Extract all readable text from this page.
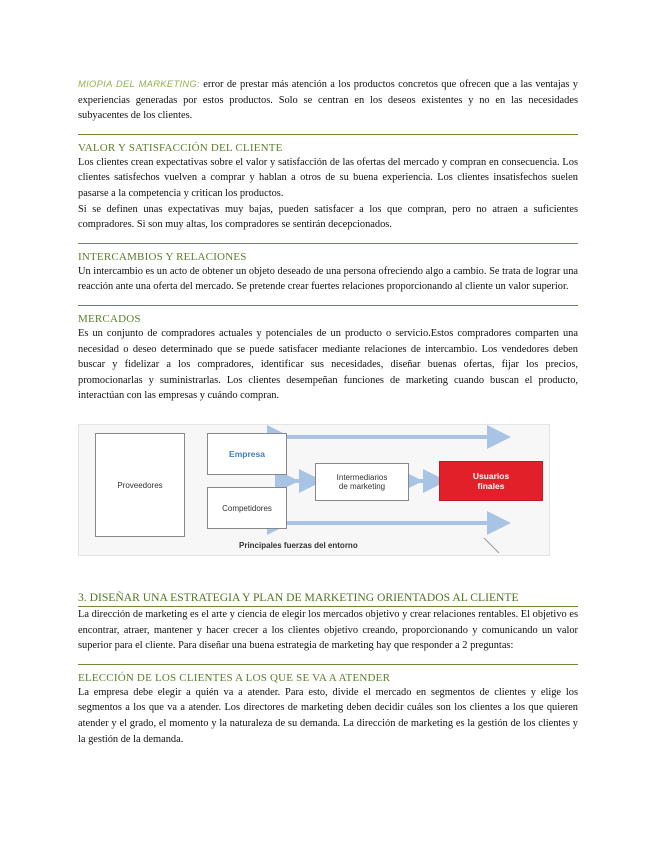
MIOPIA DEL MARKETING: error de prestar más atención a los productos concretos que ofrecen que a las ventajas y experiencias generadas por estos productos. Solo se centran en los deseos existentes y no en las necesidades subyacentes de los clientes.

VALOR Y SATISFACCIÓN DEL CLIENTE

Los clientes crean expectativas sobre el valor y satisfacción de las ofertas del mercado y compran en consecuencia. Los clientes satisfechos vuelven a comprar y hablan a otros de su buena experiencia. Los clientes insatisfechos suelen pasarse a la competencia y critican los productos.

Si se definen unas expectativas muy bajas, pueden satisfacer a los que compran, pero no atraen a suficientes compradores. Si son muy altas, los compradores se sentirán decepcionados.

INTERCAMBIOS Y RELACIONES

Un intercambio es un acto de obtener un objeto deseado de una persona ofreciendo algo a cambio. Se trata de lograr una reacción ante una oferta del mercado. Se pretende crear fuertes relaciones proporcionando al cliente un valor superior.

MERCADOS

Es un conjunto de compradores actuales y potenciales de un producto o servicio.Estos compradores comparten una necesidad o deseo determinado que se puede satisfacer mediante relaciones de intercambio. Los vendedores deben buscar y fidelizar a los compradores, identificar sus necesidades, diseñar buenas ofertas, fijar los precios, promocionarlas y suministrarlas. Los clientes desempeñan funciones de marketing cuando buscan el producto, interactúan con las empresas y cuándo compran.

Proveedores
Empresa
Competidores
Intermediarios
de marketing
Usuarios
finales
Principales fuerzas del entorno
3. DISEÑAR UNA ESTRATEGIA Y PLAN DE MARKETING ORIENTADOS AL CLIENTE

La dirección de marketing es el arte y ciencia de elegir los mercados objetivo y crear relaciones rentables. El objetivo es encontrar, atraer, mantener y hacer crecer a los clientes objetivo creando, proporcionando y comunicando un valor superior para el cliente. Para diseñar una buena estrategia de marketing hay que responder a 2 preguntas:

ELECCIÓN DE LOS CLIENTES A LOS QUE SE VA A ATENDER

La empresa debe elegir a quién va a atender. Para esto, divide el mercado en segmentos de clientes y elige los segmentos a los que va a atender. Los directores de marketing deben decidir cuáles son los clientes a los que quieren atender y el grado, el momento y la naturaleza de su demanda. La dirección de marketing es la gestión de los clientes y la gestión de la demanda.
